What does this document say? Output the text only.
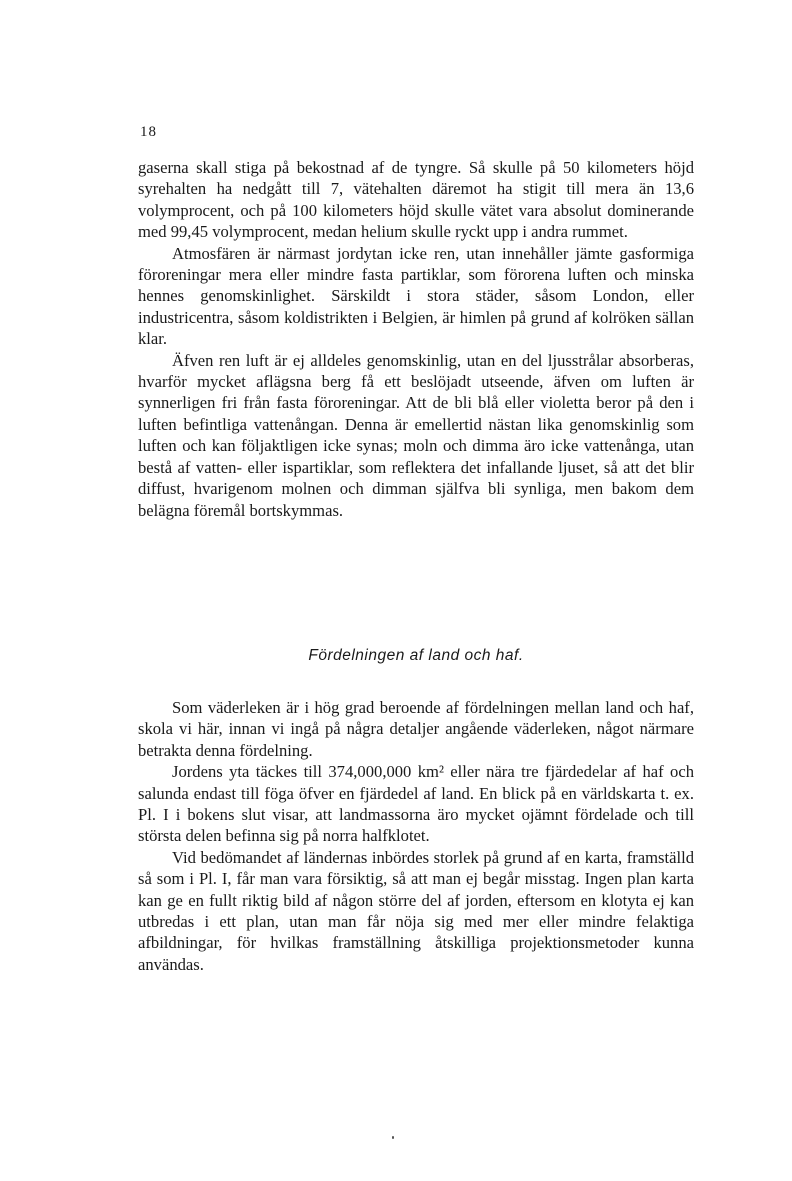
18

gaserna skall stiga på bekostnad af de tyngre. Så skulle på 50 kilometers höjd syrehalten ha nedgått till 7, vätehalten däremot ha stigit till mera än 13,6 volymprocent, och på 100 kilometers höjd skulle vätet vara absolut dominerande med 99,45 volymprocent, medan helium skulle ryckt upp i andra rummet.

Atmosfären är närmast jordytan icke ren, utan innehåller jämte gasformiga föroreningar mera eller mindre fasta partiklar, som förorena luften och minska hennes genomskinlighet. Särskildt i stora städer, såsom London, eller industricentra, såsom koldistrikten i Belgien, är himlen på grund af kolröken sällan klar.

Äfven ren luft är ej alldeles genomskinlig, utan en del ljusstrålar absorberas, hvarför mycket aflägsna berg få ett beslöjadt utseende, äfven om luften är synnerligen fri från fasta föroreningar. Att de bli blå eller violetta beror på den i luften befintliga vattenångan. Denna är emellertid nästan lika genomskinlig som luften och kan följaktligen icke synas; moln och dimma äro icke vattenånga, utan bestå af vatten- eller ispartiklar, som reflektera det infallande ljuset, så att det blir diffust, hvarigenom molnen och dimman själfva bli synliga, men bakom dem belägna föremål bortskymmas.

Fördelningen af land och haf.

Som väderleken är i hög grad beroende af fördelningen mellan land och haf, skola vi här, innan vi ingå på några detaljer angående väderleken, något närmare betrakta denna fördelning.

Jordens yta täckes till 374,000,000 km² eller nära tre fjärdedelar af haf och salunda endast till föga öfver en fjärdedel af land. En blick på en världskarta t. ex. Pl. I i bokens slut visar, att landmassorna äro mycket ojämnt fördelade och till största delen befinna sig på norra halfklotet.

Vid bedömandet af ländernas inbördes storlek på grund af en karta, framställd så som i Pl. I, får man vara försiktig, så att man ej begår misstag. Ingen plan karta kan ge en fullt riktig bild af någon större del af jorden, eftersom en klotyta ej kan utbredas i ett plan, utan man får nöja sig med mer eller mindre felaktiga afbildningar, för hvilkas framställning åtskilliga projektionsmetoder kunna användas.
